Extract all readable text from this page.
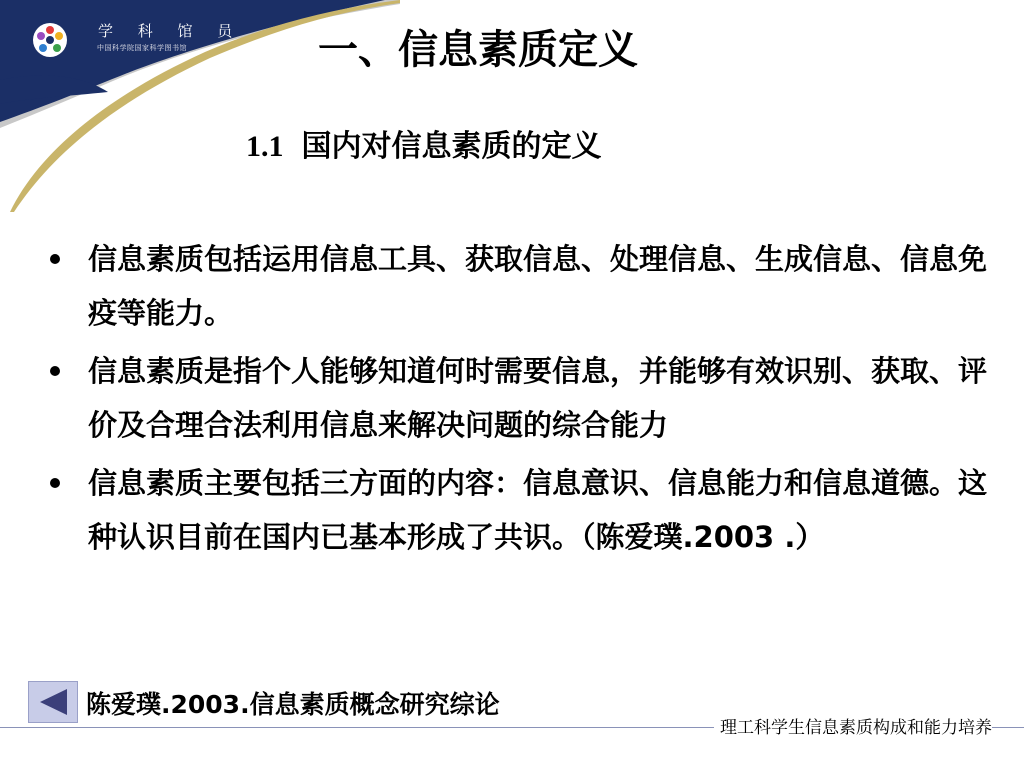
学 科 馆 员
中国科学院国家科学图书馆	一、信息素质定义
1.1 国内对信息素质的定义
信息素质包括运用信息工具、获取信息、处理信息、生成信息、信息免疫等能力。
信息素质是指个人能够知道何时需要信息，并能够有效识别、获取、评价及合理合法利用信息来解决问题的综合能力
信息素质主要包括三方面的内容：信息意识、信息能力和信息道德。这种认识目前在国内已基本形成了共识。（陈爱璞.2003 .）
陈爱璞.2003.信息素质概念研究综论
理工科学生信息素质构成和能力培养
